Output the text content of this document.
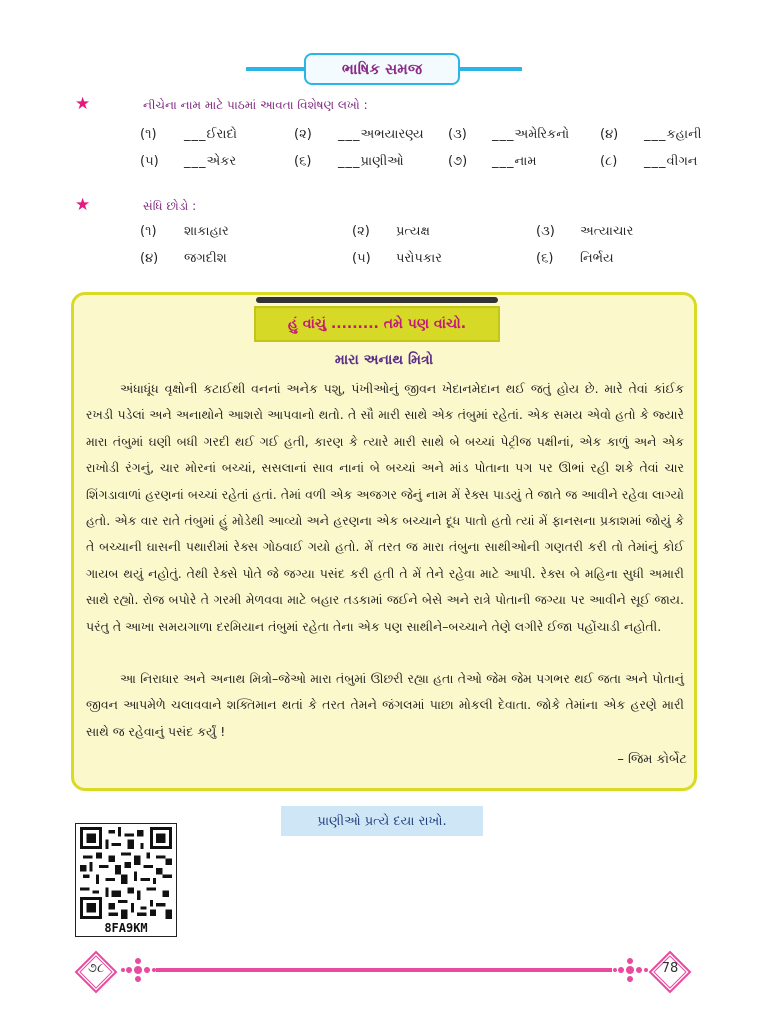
ભાષિક સમજ
★	નીચેના નામ માટે પાઠમાં આવતા વિશેષણ લખો :
(૧) ___ઈરાદો	(૨) ___અભયારણ્ય (૩) ___અમેરિકનો (૪) ___કહાની
(૫) ___એકર	(૬) ___પ્રાણીઓ	(૭) ___નામ	(૮) ___વીગન
★	સંધિ છોડો :
(૧) શાકાહાર	(૨) પ્રત્યક્ષ	(૩) અત્યાચાર
(૪) જગદીશ	(૫) પરોપકાર	(૬) નિર્ભય
હું વાંચું ......... તમે પણ વાંચો.
મારા અનાથ મિત્રો
અંધાધૂંધ વૃક્ષોની કટાઈથી વનનાં અનેક પશુ, પંખીઓનું જીવન ખેદાનમેદાન થઈ જતું હોય છે. મારે તેવાં કાંઈક રખડી પડેલાં અને અનાથોને આશરો આપવાનો થતો. તે સૌ મારી સાથે એક તંબુમાં રહેતાં. એક સમય એવો હતો કે જ્યારે મારા તંબુમાં ઘણી બધી ગરદી થઈ ગઈ હતી, કારણ કે ત્યારે મારી સાથે બે બચ્ચાં પેટ્રીજ પક્ષીનાં, એક કાળું અને એક રાખોડી રંગનું, ચાર મોરનાં બચ્ચાં, સસલાનાં સાવ નાનાં બે બચ્ચાં અને માંડ પોતાના પગ પર ઊભાં રહી શકે તેવાં ચાર શિંગડાવાળાં હરણનાં બચ્ચાં રહેતાં હતાં. તેમાં વળી એક અજગર જેનું નામ મેં રેક્સ પાડયું તે જાતે જ આવીને રહેવા લાગ્યો હતો. એક વાર રાતે તંબુમાં હું મોડેથી આવ્યો અને હરણના એક બચ્ચાને દૂધ પાતો હતો ત્યાં મેં ફાનસના પ્રકાશમાં જોયું કે તે બચ્ચાની ઘાસની પથારીમાં રેક્સ ગોઠવાઈ ગયો હતો. મેં તરત જ મારા તંબુના સાથીઓની ગણતરી કરી તો તેમાંનું કોઈ ગાયબ થયું નહોતું. તેથી રેક્સે પોતે જે જગ્યા પસંદ કરી હતી તે મેં તેને રહેવા માટે આપી. રેક્સ બે મહિના સુધી અમારી સાથે રહ્યો. રોજ બપોરે તે ગરમી મેળવવા માટે બહાર તડકામાં જઈને બેસે અને રાત્રે પોતાની જગ્યા પર આવીને સૂઈ જાય. પરંતુ તે આખા સમયગાળા દરમિયાન તંબુમાં રહેતા તેના એક પણ સાથીને–બચ્ચાને તેણે લગીરે ઈજા પહોંચાડી નહોતી.
આ નિરાધાર અને અનાથ મિત્રો–જેઓ મારા તંબુમાં ઊછરી રહ્યા હતા તેઓ જેમ જેમ પગભર થઈ જતા અને પોતાનું જીવન આપમેળે ચલાવવાને શક્તિમાન થતાં કે તરત તેમને જંગલમાં પાછા મોકલી દેવાતા. જોકે તેમાંના એક હરણે મારી સાથે જ રહેવાનું પસંદ કર્યું !
– જિમ કોર્બેટ
પ્રાણીઓ પ્રત્યે દયા રાખો.
8FA9KM
૭૮	78
